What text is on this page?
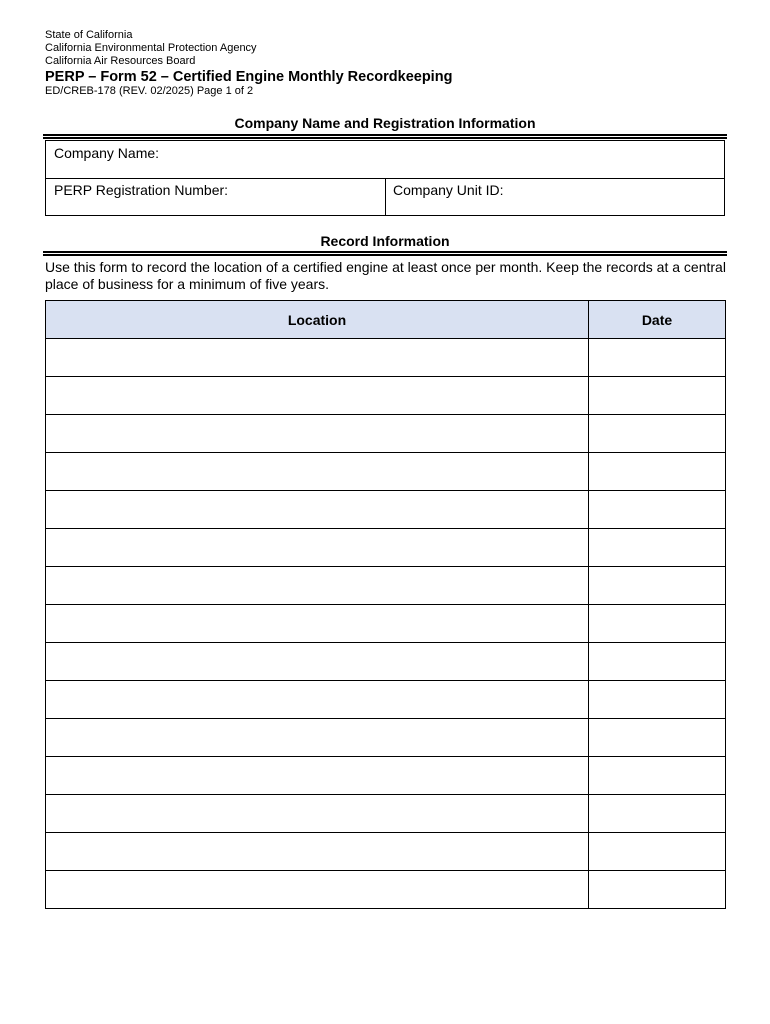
State of California
California Environmental Protection Agency
California Air Resources Board
PERP – Form 52 – Certified Engine Monthly Recordkeeping
ED/CREB-178 (REV. 02/2025) Page 1 of 2
Company Name and Registration Information
Company Name:
PERP Registration Number:	Company Unit ID:
Record Information
Use this form to record the location of a certified engine at least once per month. Keep the records at a central place of business for a minimum of five years.
Location	Date
